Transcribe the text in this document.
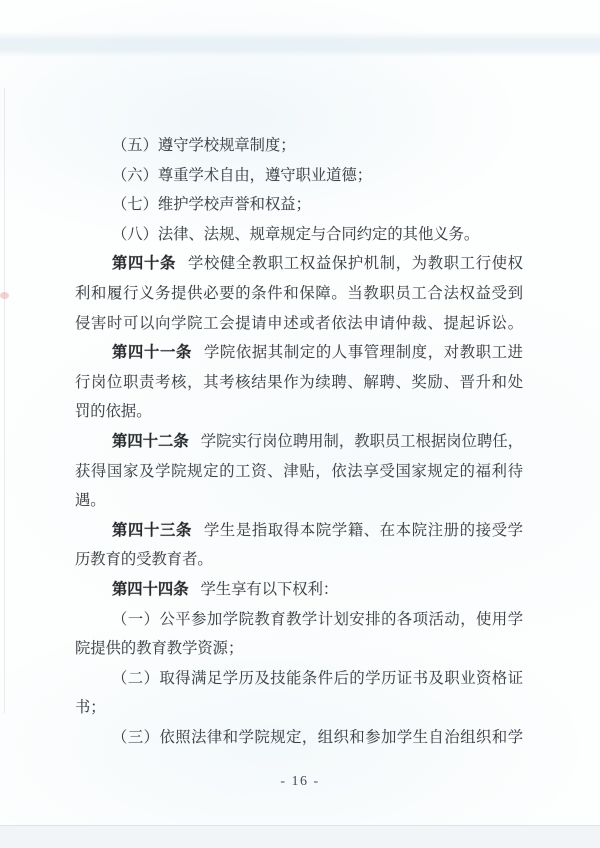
（五）遵守学校规章制度；
（六）尊重学术自由，遵守职业道德；
（七）维护学校声誉和权益；
（八）法律、法规、规章规定与合同约定的其他义务。
第四十条 学校健全教职工权益保护机制，为教职工行使权
利和履行义务提供必要的条件和保障。当教职员工合法权益受到
侵害时可以向学院工会提请申述或者依法申请仲裁、提起诉讼。
第四十一条 学院依据其制定的人事管理制度，对教职工进
行岗位职责考核，其考核结果作为续聘、解聘、奖励、晋升和处
罚的依据。
第四十二条 学院实行岗位聘用制，教职员工根据岗位聘任，
获得国家及学院规定的工资、津贴，依法享受国家规定的福利待
遇。
第四十三条 学生是指取得本院学籍、在本院注册的接受学
历教育的受教育者。
第四十四条 学生享有以下权利：
（一）公平参加学院教育教学计划安排的各项活动，使用学
院提供的教育教学资源；
（二）取得满足学历及技能条件后的学历证书及职业资格证
书；
（三）依照法律和学院规定，组织和参加学生自治组织和学
- 16 -
